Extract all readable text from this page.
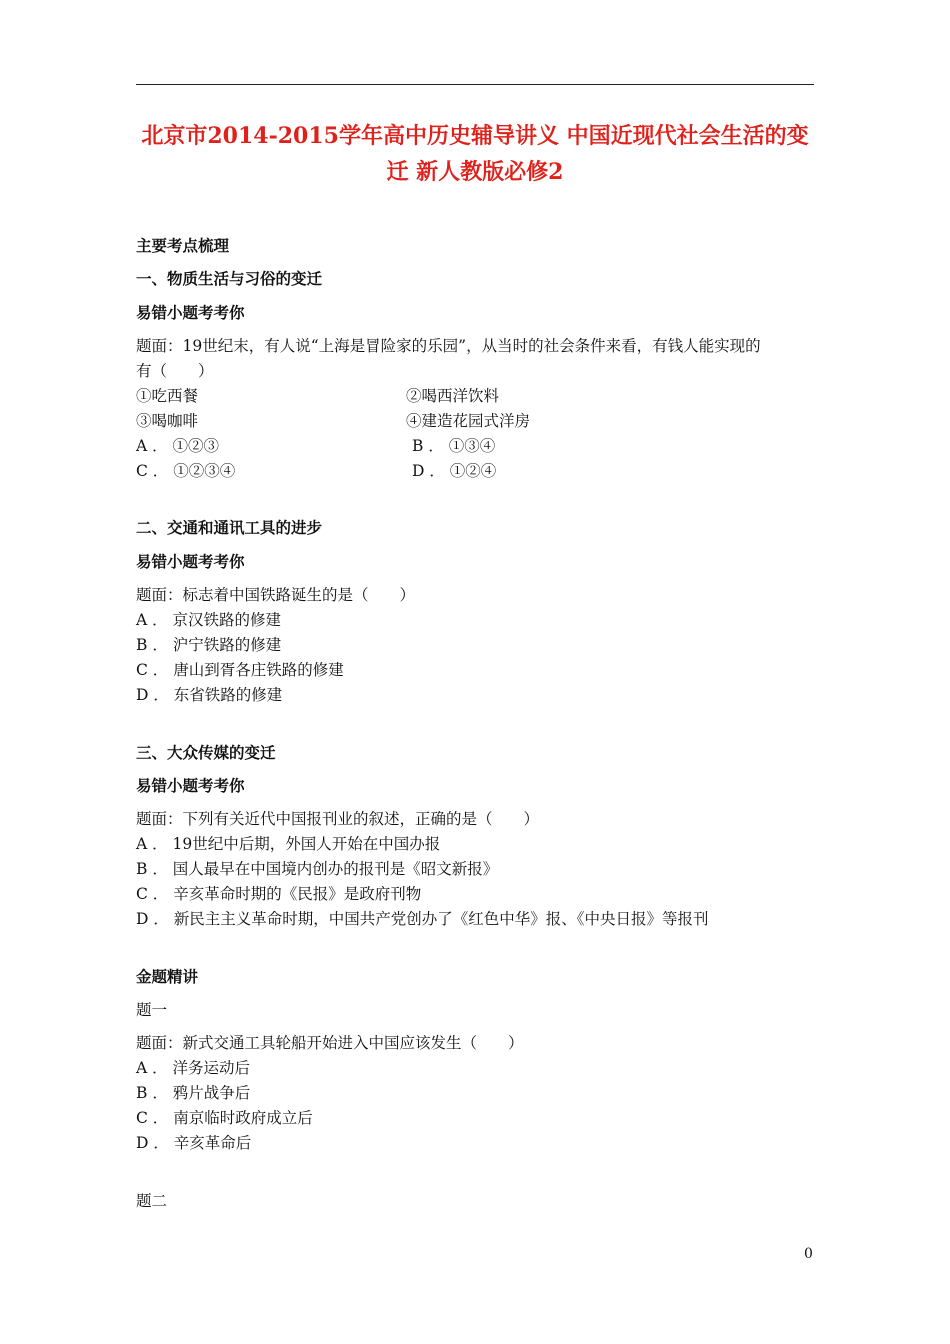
北京市2014-2015学年高中历史辅导讲义 中国近现代社会生活的变
迁 新人教版必修2
主要考点梳理
一、物质生活与习俗的变迁
易错小题考考你
题面：19世纪末，有人说“上海是冒险家的乐园”，从当时的社会条件来看，有钱人能实现的
有（　　）
①吃西餐	②喝西洋饮料
③喝咖啡	④建造花园式洋房
A ． ①②③	B ． ①③④
C ． ①②③④	D ． ①②④
二、交通和通讯工具的进步
易错小题考考你
题面：标志着中国铁路诞生的是（　　）
A ． 京汉铁路的修建
B ． 沪宁铁路的修建
C ． 唐山到胥各庄铁路的修建
D ． 东省铁路的修建
三、大众传媒的变迁
易错小题考考你
题面：下列有关近代中国报刊业的叙述，正确的是（　　）
A ． 19世纪中后期，外国人开始在中国办报
B ． 国人最早在中国境内创办的报刊是《昭文新报》
C ． 辛亥革命时期的《民报》是政府刊物
D ． 新民主主义革命时期，中国共产党创办了《红色中华》报、《中央日报》等报刊
金题精讲
题一
题面：新式交通工具轮船开始进入中国应该发生（　　）
A ． 洋务运动后
B ． 鸦片战争后
C ． 南京临时政府成立后
D ． 辛亥革命后
题二
0
